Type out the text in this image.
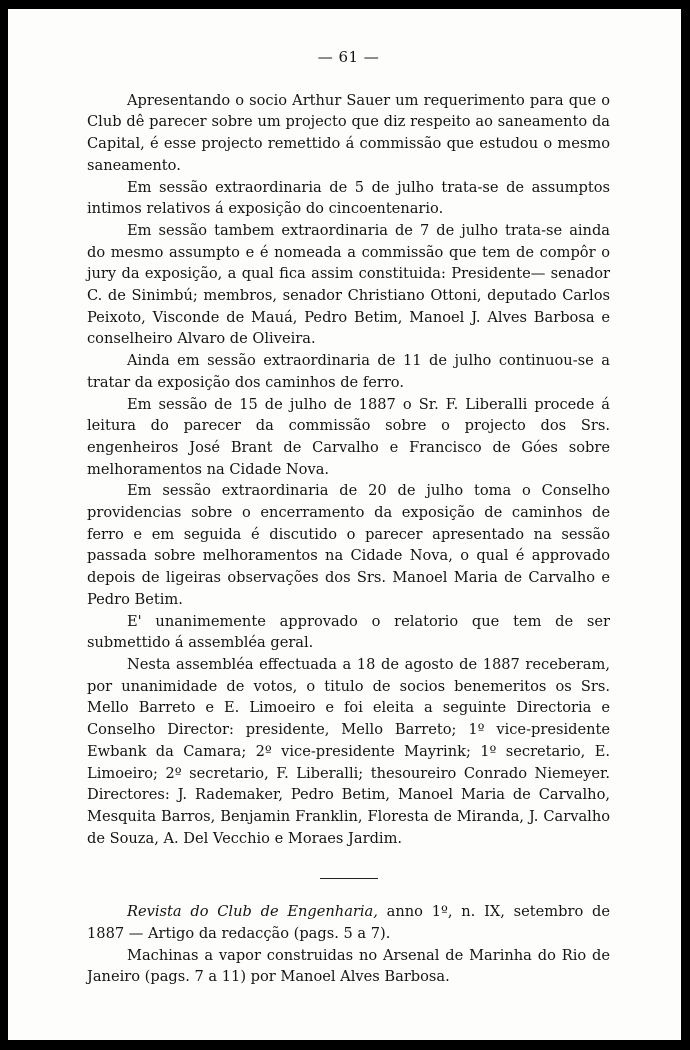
— 61 —

Apresentando o socio Arthur Sauer um requerimento para que o Club dê parecer sobre um projecto que diz respeito ao saneamento da Capital, é esse projecto remettido á commissão que estudou o mesmo saneamento.

Em sessão extraordinaria de 5 de julho trata-se de assumptos intimos relativos á exposição do cincoentenario.

Em sessão tambem extraordinaria de 7 de julho trata-se ainda do mesmo assumpto e é nomeada a commissão que tem de compôr o jury da exposição, a qual fica assim constituida: Presidente— senador C. de Sinimbú; membros, senador Christiano Ottoni, deputado Carlos Peixoto, Visconde de Mauá, Pedro Betim, Manoel J. Alves Barbosa e conselheiro Alvaro de Oliveira.

Ainda em sessão extraordinaria de 11 de julho continuou-se a tratar da exposição dos caminhos de ferro.

Em sessão de 15 de julho de 1887 o Sr. F. Liberalli procede á leitura do parecer da commissão sobre o projecto dos Srs. engenheiros José Brant de Carvalho e Francisco de Góes sobre melhoramentos na Cidade Nova.

Em sessão extraordinaria de 20 de julho toma o Conselho providencias sobre o encerramento da exposição de caminhos de ferro e em seguida é discutido o parecer apresentado na sessão passada sobre melhoramentos na Cidade Nova, o qual é approvado depois de ligeiras observações dos Srs. Manoel Maria de Carvalho e Pedro Betim.

E' unanimemente approvado o relatorio que tem de ser submettido á assembléa geral.

Nesta assembléa effectuada a 18 de agosto de 1887 receberam, por unanimidade de votos, o titulo de socios benemeritos os Srs. Mello Barreto e E. Limoeiro e foi eleita a seguinte Directoria e Conselho Director: presidente, Mello Barreto; 1º vice-presidente Ewbank da Camara; 2º vice-presidente Mayrink; 1º secretario, E. Limoeiro; 2º secretario, F. Liberalli; thesoureiro Conrado Niemeyer. Directores: J. Rademaker, Pedro Betim, Manoel Maria de Carvalho, Mesquita Barros, Benjamin Franklin, Floresta de Miranda, J. Carvalho de Souza, A. Del Vecchio e Moraes Jardim.

Revista do Club de Engenharia, anno 1º, n. IX, setembro de 1887 — Artigo da redacção (pags. 5 a 7).

Machinas a vapor construidas no Arsenal de Marinha do Rio de Janeiro (pags. 7 a 11) por Manoel Alves Barbosa.
